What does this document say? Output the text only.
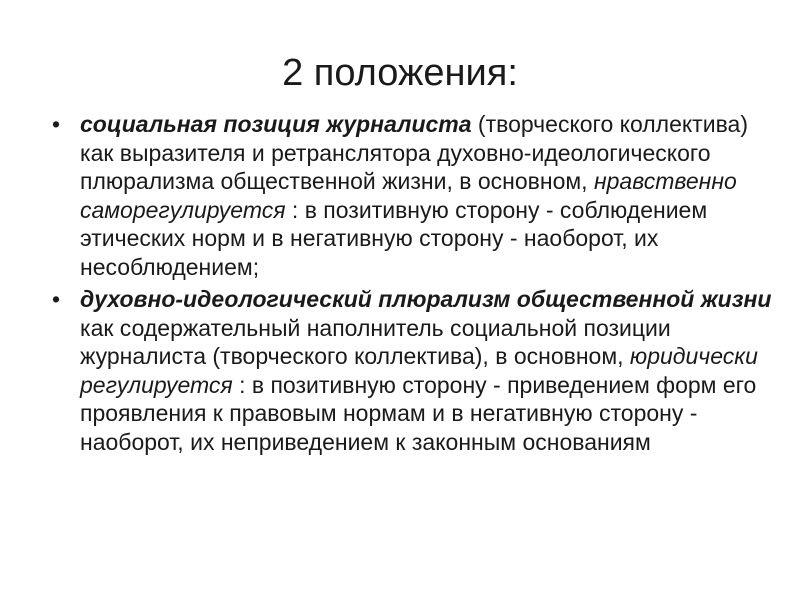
2 положения:
• социальная позиция журналиста (творческого коллектива) как выразителя и ретранслятора духовно-идеологического плюрализма общественной жизни, в основном, нравственно саморегулируется : в позитивную сторону - соблюдением этических норм и в негативную сторону - наоборот, их несоблюдением;
• духовно-идеологический плюрализм общественной жизни как содержательный наполнитель социальной позиции журналиста (творческого коллектива), в основном, юридически регулируется : в позитивную сторону - приведением форм его проявления к правовым нормам и в негативную сторону - наоборот, их неприведением к законным основаниям
